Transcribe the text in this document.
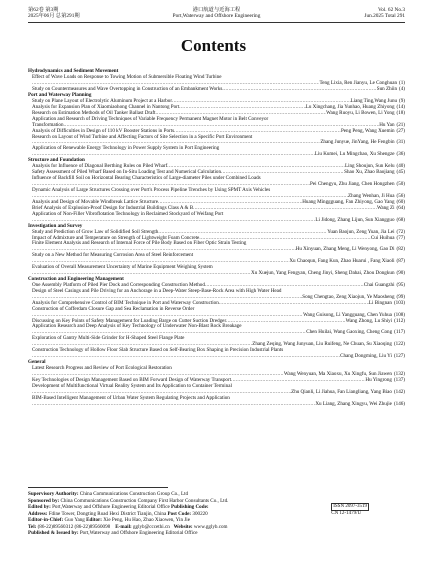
第62卷 第3期
2025年06月 总第291期
港口航道与近海工程
Port,Waterway and Offshore Engineering
Vol. 62 No.3
Jun.2025 Total 291
Contents
Hydrodynamics and Sediment Movement
Effect of Wave Loads on Response to Towing Motion of Submersible Floating Wind Turbine
.....
Teng Lixia, Ren Jianyu, Le Conghuan (1)
Study on Countermeasures and Wave Overtopping in Construction of an Embankment Works .....	Sun Zhiin (4)
Port and Waterway Planning
Study on Plane Layout of Electrolytic Aluminum Project at a Harbor .....	Liang Ting,Wang Junu (9)
Analysis for Expansion Plan of Xiaomiaohong Channel in Nantong Port .....	Lu Xingchang, Jia Yunhao, Huang Zhiyong (14)
Research on Estimation Methods of Oil Tanker Ballast Draft .....	Wang Ruoyu, Li Bowen, Li Yong (18)
Application and Research of Driving Techniques of Variable Frequency Permanent Magnet Motor in Belt Conveyor
Transformation .....	Hu Yan (21)
Analysis of Difficulties in Design of 110 kV Booster Stations in Ports .....	Peng Peng, Wang Xuemin (27)
Research on Layout of Wind Turbine and Affecting Factors of Site Selection in a Specific Port Environment
.....
Zhang Junyue, JinYang, He Fengbin (31)
Application of Renewable Energy Technology in Power Supply System in Port Engineering
.....
Liu Kumei, Lu Mingchao, Xu Shengze (36)
Structure and Foundation
Analysis for Influence of Diagonal Berthing Rules on Piled Wharf .....	Ling Shoujun, Sun Kelu (40)
Safety Assessment of Piled Wharf Based on In-Situ Loading Test and Numerical Calculation .....	Shao Xu, Zhao Baojiang (45)
Influence of Backfill Soil on Horizontal Bearing Characteristics of Large-diameter Piles under Combined Loads
.....
Pei Chengyu, Zhu Jiang, Chen Hongzhen (50)
Dynamic Analysis of Large Structures Crossing over Port's Process Pipeline Trenches by Using SPMT Axis Vehicles
.....
Zhang Wenhan, Ji Hua (56)
Analysis and Design of Movable Windbreak Lattice Structure .....	Huang Minggguang, Fan Zhiyong, Gao Yang (60)
Brief Analysis of Explosion-Proof Design for Industrial Buildings Class A & B .....	Wang Zi (64)
Application of Non-Filler Vibroflotation Technology in Reclaimed Stockyard of Weifang Port
.....
Li Jidong, Zhang Lijun, Sun Xiangguo (68)
Investigation and Survey
Study and Prediction of Grow Law of Solidified Soil Strength .....	Yuan Baojun, Zeng Yuan, Jia Lei (72)
Impact of Admixture and Temperature on Strength of Lightweight Foam Concrete .....	Cui Huihua (77)
Finite Element Analysis and Research of Internal Force of Pile Body Based on Fiber Optic Strain Testing
.....
Hu Xinyuan, Zhang Meng, Li Wenyong, Gao Di (82)
Study on a New Method for Measuring Corrosion Area of Steel Reinforcement
.....
Xu Chaoqun, Fang Kun, Zhao Huarui , Fang Xiaoli (87)
Evaluation of Overall Measurement Uncertainty of Marine Equipment Weighing System
.....
Xu Xuejun, Yang Fengyan, Cheng Jinyi, Sheng Dahai, Zhou Dongkun (90)
Construction and Engineering Management
One Assembly Platform of Piled Pier Dock and Corresponding Construction Method .....	Chai Guangzhi (95)
Design of Steel Casings and Pile Driving for an Anchorage in a Deep-Water Steep-Base-Rock Area with High Water Head
.....
Song Chengtao, Zeng Xiaojun, Ye Maosheng (99)
Analysis for Comprehensive Control of BIM Technique in Port and Waterway Construction .....	Li Bingnan (103)
Construction of Cofferdam Closure Gap and Sea Reclamation in Reverse Order
.....
Wang Guisong, Li Yangguang, Chen Yuhua (108)
Discussing on Key Points of Safety Management for Loading Barge on Cutter Suction Dredger .....	Wang Zhong, Lu Shiyi (112)
Application Research and Deep Analysis of Key Technology of Underwater Non-Blast Rock Breakage
.....
Chen Huilai, Wang Gaoxing, Cheng Cong (117)
Exploration of Gantry Multi-Side Grinder for H-Shaped Steel Flange Plate
.....
Zhang Zeqing, Wang Junyuan, Liu Ruifeng, Ne Chuan, Su Xiaoqing (122)
Construction Technology of Hollow Floor Slab Structure Based on Self-Bearing Box Shaping in Precision Industrial Plants
.....
Chang Dongming, Liu Yi (127)
General
Latest Research Progress and Review of Port Ecological Restoration
.....
Wang Wenyuan, Ma Xiaoxu, Xu Xingfu, Sun Jiawen (132)
Key Technologies of Design Management Based on BIM Forward Design of Waterway Transport .....	Hu Yingrong (137)
Development of Multifunctional Virtual Reality System and Its Application to Container Terminal
.....
Zhu Qianli, Li Jiahua, Fan Liangliang, Yang Biao (142)
BIM-Based Intelligent Management of Urban Water System Regulating Projects and Application
.....
Xu Liang, Zhang Xingyu, Wei Zhujie (146)
Supervisory Authority: China Communications Construction Group Co., Ltd
Sponsored by: China Communications Construction Company First Harbor Consultants Co., Ltd.
Edited by: Port,Waterway and Offshore Engineering Editorial Office Publishing Code:
Address: Fdine Tower, Dongting Road Hexi District Tianjin, China Post Code: 300220
Editor-in-Chief: Guo Yang Editor: Xie Peng, Hu Hao, Zhao Xiaowen, Yin Jie
Tel: (86-22)89560312 (86-22)89560098 E-mail: gglyb@cccethi.cn Website: www.gglyb.com
Published & Issued by: Port,Waterway and Offshore Engineering Editorial Office
ISSN 2097-3519
CN 12-1479/U
